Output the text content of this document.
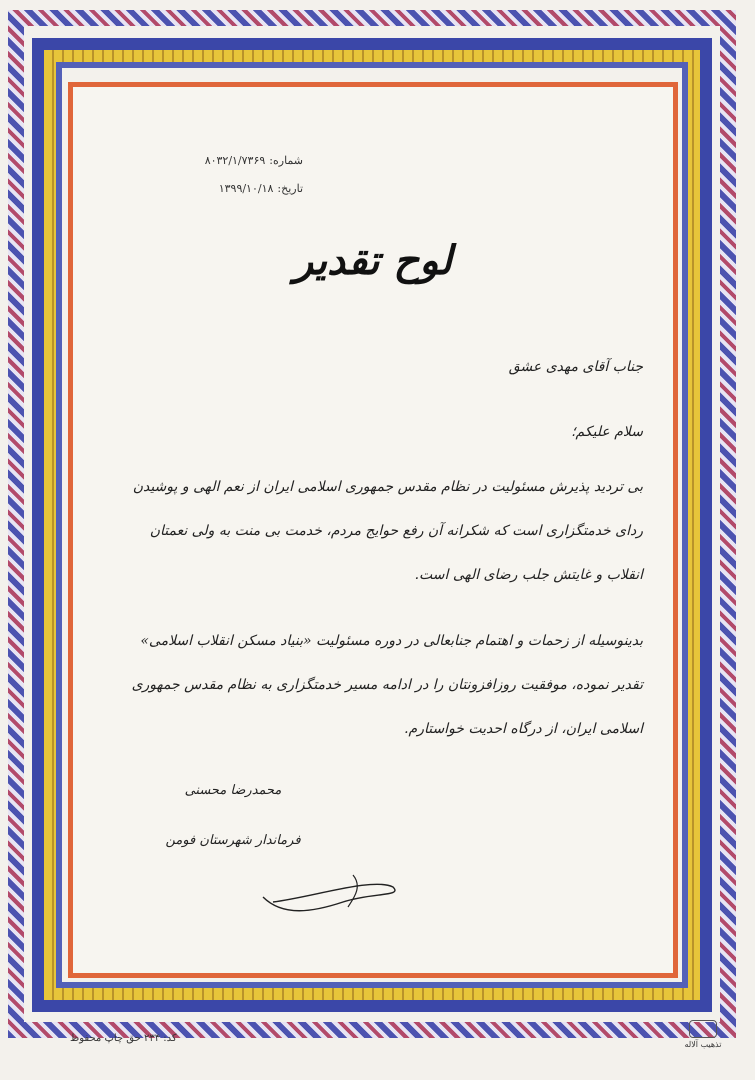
شماره:
۸۰۳۲/۱/۷۳۶۹
تاریخ:
۱۳۹۹/۱۰/۱۸
لوح تقدیر
جناب آقای مهدی عشق
سلام علیکم؛
بی تردید پذیرش مسئولیت در نظام مقدس جمهوری اسلامی ایران از نعم الهی و پوشیدن ردای خدمتگزاری است که شکرانه آن رفع حوایج مردم، خدمت بی منت به ولی نعمتان انقلاب و غایتش جلب رضای الهی است.
بدینوسیله از زحمات و اهتمام جنابعالی در دوره مسئولیت «بنیاد مسکن انقلاب اسلامی» تقدیر نموده، موفقیت روزافزونتان را در ادامه مسیر خدمتگزاری به نظام مقدس جمهوری اسلامی ایران، از درگاه احدیت خواستارم.
محمدرضا محسنی
فرماندار شهرستان فومن
کد: ۲۳۴ حق چاپ محفوظ
تذهیب آلاله
